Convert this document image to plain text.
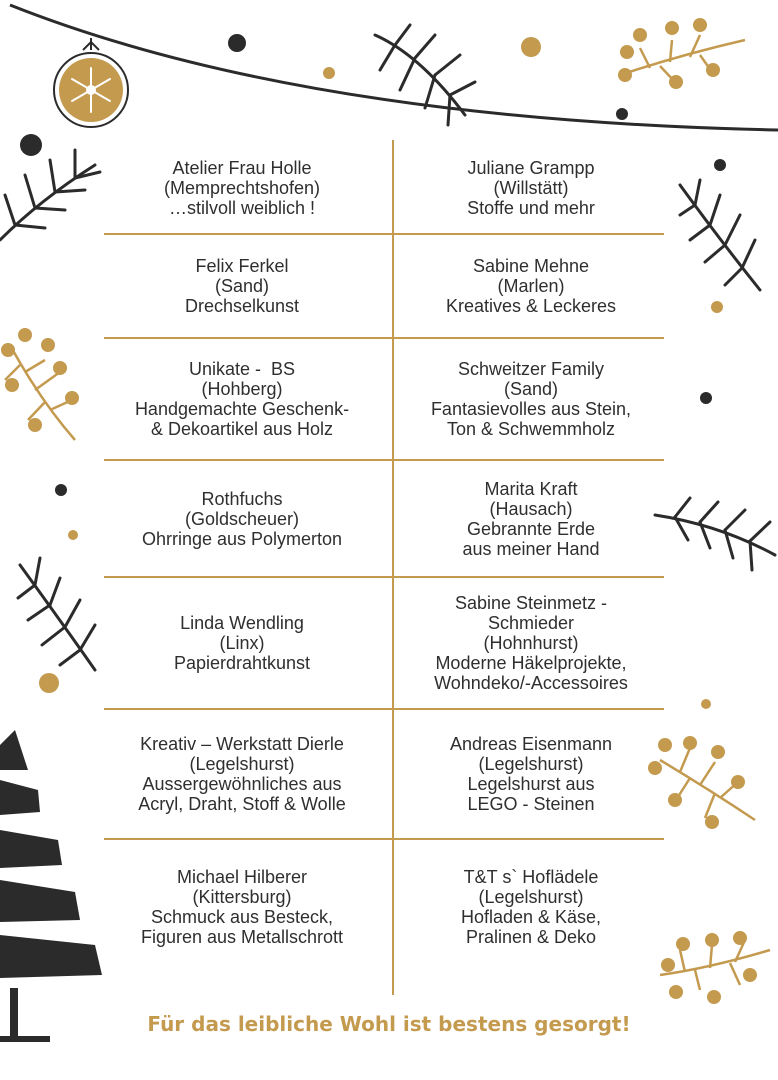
Atelier Frau Holle
(Memprechtshofen)
…stilvoll weiblich !
Juliane Grampp
(Willstätt)
Stoffe und mehr
Felix Ferkel
(Sand)
Drechselkunst
Sabine Mehne
(Marlen)
Kreatives & Leckeres
Unikate -  BS
(Hohberg)
Handgemachte Geschenk-
& Dekoartikel aus Holz
Schweitzer Family
(Sand)
Fantasievolles aus Stein,
Ton & Schwemmholz
Rothfuchs
(Goldscheuer)
Ohrringe aus Polymerton
Marita Kraft
(Hausach)
Gebrannte Erde
aus meiner Hand
Linda Wendling
(Linx)
Papierdrahtkunst
Sabine Steinmetz -
Schmieder
(Hohnhurst)
Moderne Häkelprojekte,
Wohndeko/-Accessoires
Kreativ – Werkstatt Dierle
(Legelshurst)
Aussergewöhnliches aus
Acryl, Draht, Stoff & Wolle
Andreas Eisenmann
(Legelshurst)
Legelshurst aus
LEGO - Steinen
Michael Hilberer
(Kittersburg)
Schmuck aus Besteck,
Figuren aus Metallschrott
T&T s` Hoflädele
(Legelshurst)
Hofladen & Käse,
Pralinen & Deko
Für das leibliche Wohl ist bestens gesorgt!
